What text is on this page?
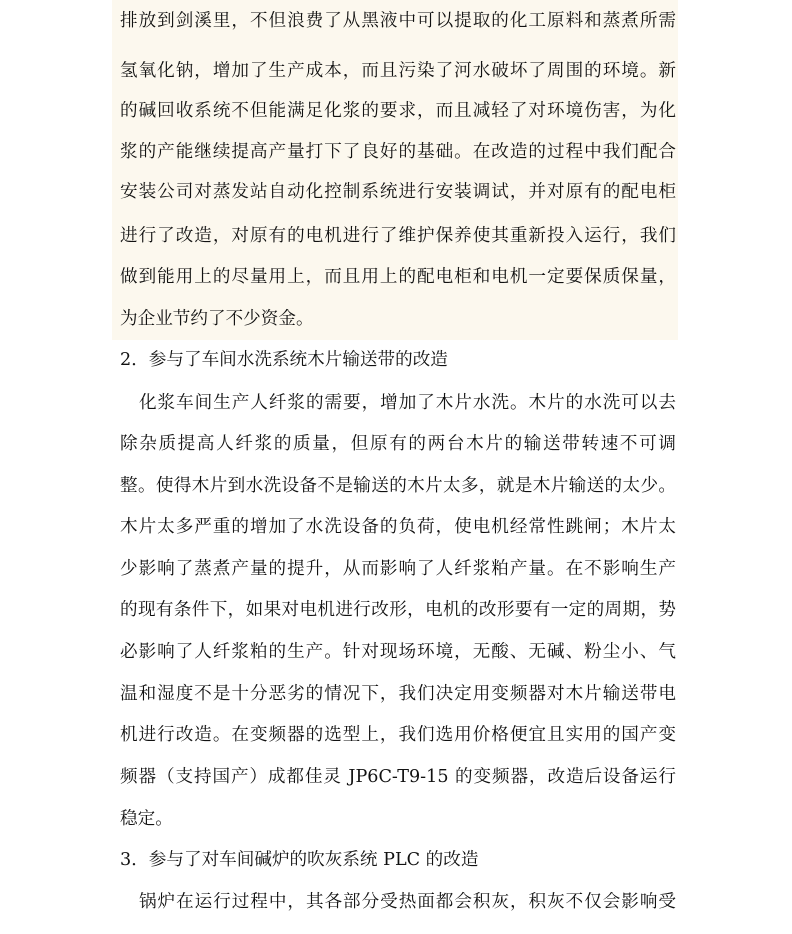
排放到剑溪里，不但浪费了从黑液中可以提取的化工原料和蒸煮所需
氢氧化钠，增加了生产成本，而且污染了河水破坏了周围的环境。新
的碱回收系统不但能满足化浆的要求，而且减轻了对环境伤害，为化
浆的产能继续提高产量打下了良好的基础。在改造的过程中我们配合
安装公司对蒸发站自动化控制系统进行安装调试，并对原有的配电柜
进行了改造，对原有的电机进行了维护保养使其重新投入运行，我们
做到能用上的尽量用上，而且用上的配电柜和电机一定要保质保量，
为企业节约了不少资金。
2．参与了车间水洗系统木片输送带的改造
化浆车间生产人纤浆的需要，增加了木片水洗。木片的水洗可以去
除杂质提高人纤浆的质量，但原有的两台木片的输送带转速不可调
整。使得木片到水洗设备不是输送的木片太多，就是木片输送的太少。
木片太多严重的增加了水洗设备的负荷，使电机经常性跳闸；木片太
少影响了蒸煮产量的提升，从而影响了人纤浆粕产量。在不影响生产
的现有条件下，如果对电机进行改形，电机的改形要有一定的周期，势
必影响了人纤浆粕的生产。针对现场环境，无酸、无碱、粉尘小、气
温和湿度不是十分恶劣的情况下，我们决定用变频器对木片输送带电
机进行改造。在变频器的选型上，我们选用价格便宜且实用的国产变
频器（支持国产）成都佳灵 JP6C-T9-15 的变频器，改造后设备运行
稳定。
3．参与了对车间碱炉的吹灰系统 PLC 的改造
锅炉在运行过程中，其各部分受热面都会积灰，积灰不仅会影响受
